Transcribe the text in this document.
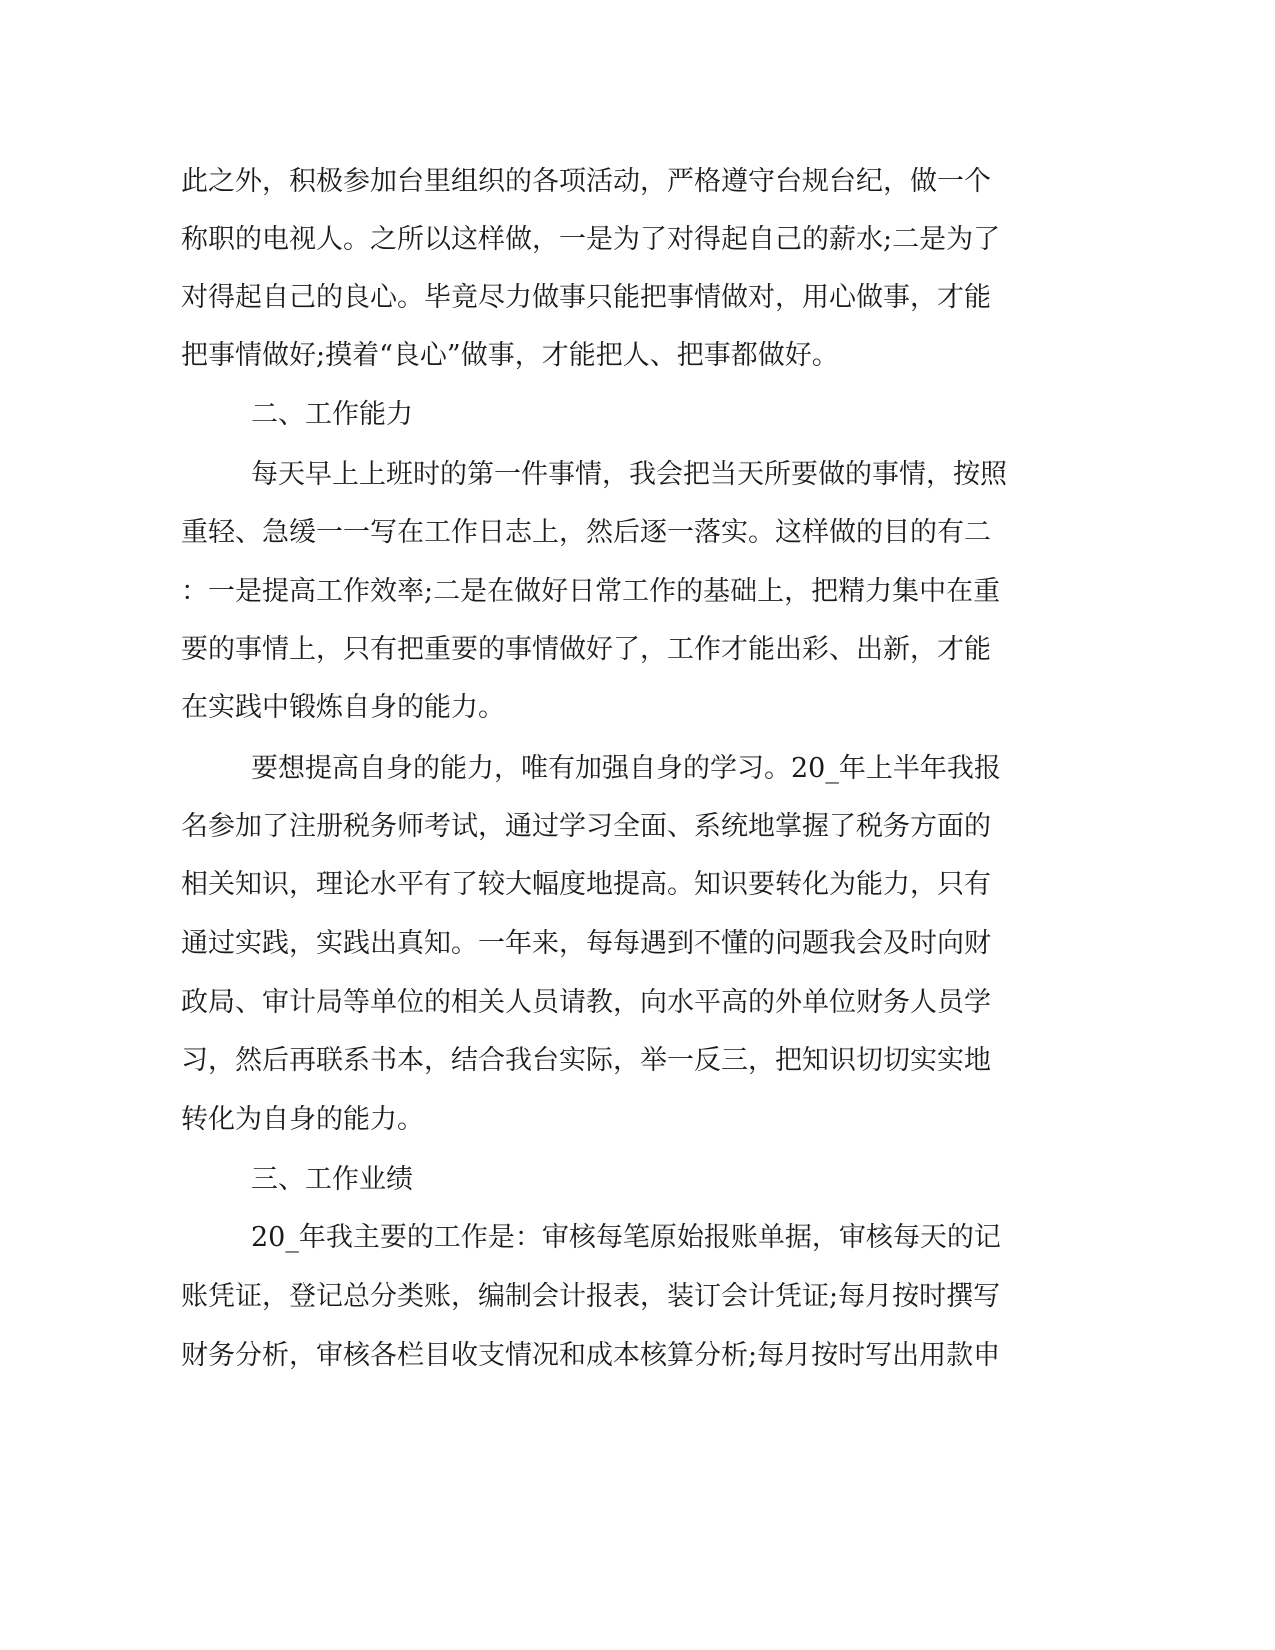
此之外，积极参加台里组织的各项活动，严格遵守台规台纪，做一个

称职的电视人。之所以这样做，一是为了对得起自己的薪水;二是为了

对得起自己的良心。毕竟尽力做事只能把事情做对，用心做事，才能

把事情做好;摸着“良心”做事，才能把人、把事都做好。

二、工作能力

每天早上上班时的第一件事情，我会把当天所要做的事情，按照

重轻、急缓一一写在工作日志上，然后逐一落实。这样做的目的有二

：一是提高工作效率;二是在做好日常工作的基础上，把精力集中在重

要的事情上，只有把重要的事情做好了，工作才能出彩、出新，才能

在实践中锻炼自身的能力。

要想提高自身的能力，唯有加强自身的学习。20_年上半年我报

名参加了注册税务师考试，通过学习全面、系统地掌握了税务方面的

相关知识，理论水平有了较大幅度地提高。知识要转化为能力，只有

通过实践，实践出真知。一年来，每每遇到不懂的问题我会及时向财

政局、审计局等单位的相关人员请教，向水平高的外单位财务人员学

习，然后再联系书本，结合我台实际，举一反三，把知识切切实实地

转化为自身的能力。

三、工作业绩

20_年我主要的工作是：审核每笔原始报账单据，审核每天的记

账凭证，登记总分类账，编制会计报表，装订会计凭证;每月按时撰写

财务分析，审核各栏目收支情况和成本核算分析;每月按时写出用款申
